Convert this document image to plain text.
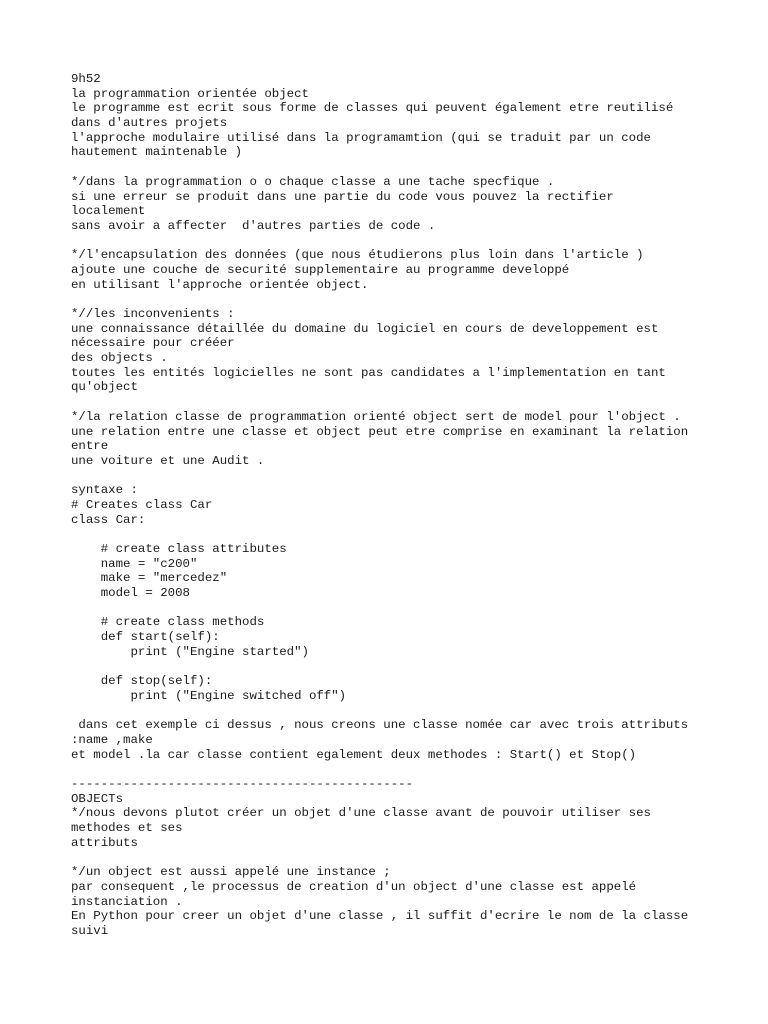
9h52
la programmation orientée object
le programme est ecrit sous forme de classes qui peuvent également etre reutilisé
dans d'autres projets
l'approche modulaire utilisé dans la programamtion (qui se traduit par un code
hautement maintenable )
*/dans la programmation o o chaque classe a une tache specfique .
si une erreur se produit dans une partie du code vous pouvez la rectifier
localement
sans avoir a affecter  d'autres parties de code .
*/l'encapsulation des données (que nous étudierons plus loin dans l'article )
ajoute une couche de securité supplementaire au programme developpé
en utilisant l'approche orientée object.
*//les inconvenients :
une connaissance détaillée du domaine du logiciel en cours de developpement est
nécessaire pour crééer
des objects .
toutes les entités logicielles ne sont pas candidates a l'implementation en tant
qu'object
*/la relation classe de programmation orienté object sert de model pour l'object .
une relation entre une classe et object peut etre comprise en examinant la relation
entre
une voiture et une Audit .
syntaxe :
# Creates class Car
class Car:
# create class attributes
name = "c200"
make = "mercedez"
model = 2008
# create class methods
def start(self):
print ("Engine started")
def stop(self):
print ("Engine switched off")
dans cet exemple ci dessus , nous creons une classe nomée car avec trois attributs
:name ,make
et model .la car classe contient egalement deux methodes : Start() et Stop()
----------------------------------------------
OBJECTs
*/nous devons plutot créer un objet d'une classe avant de pouvoir utiliser ses
methodes et ses
attributs
*/un object est aussi appelé une instance ;
par consequent ,le processus de creation d'un object d'une classe est appelé
instanciation .
En Python pour creer un objet d'une classe , il suffit d'ecrire le nom de la classe
suivi
